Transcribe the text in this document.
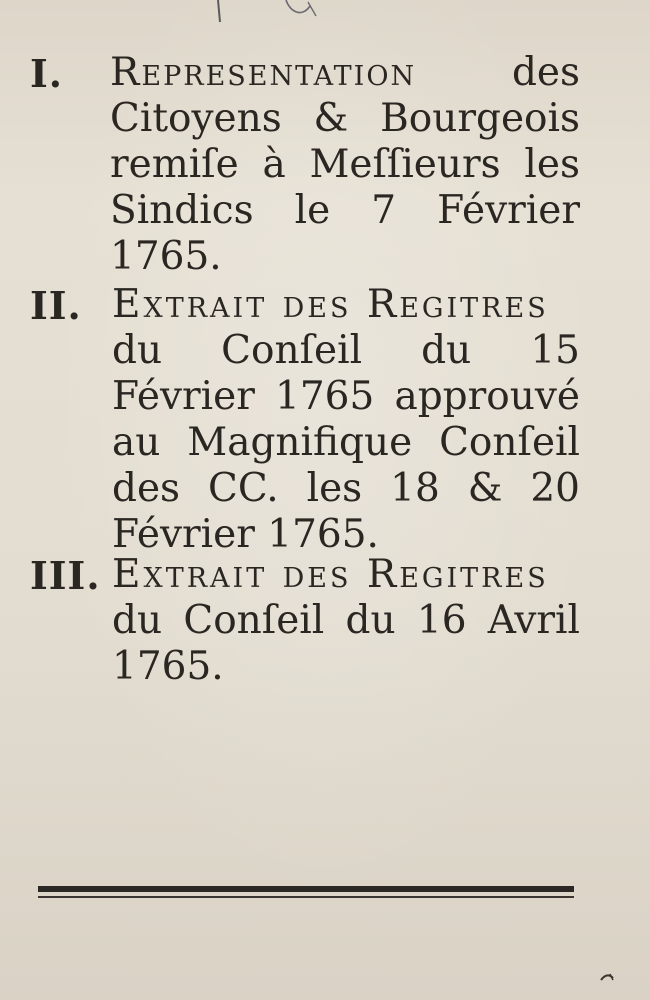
I. Representation des Citoyens & Bourgeois remiſe à Meſſieurs les Sindics le 7 Février 1765.
II. Extrait des Regitres
du Conſeil du 15 Février 1765 approuvé au Magnifique Conſeil des CC. les 18 & 20 Février 1765.
III. Extrait des Regitres
du Conſeil du 16 Avril 1765.
